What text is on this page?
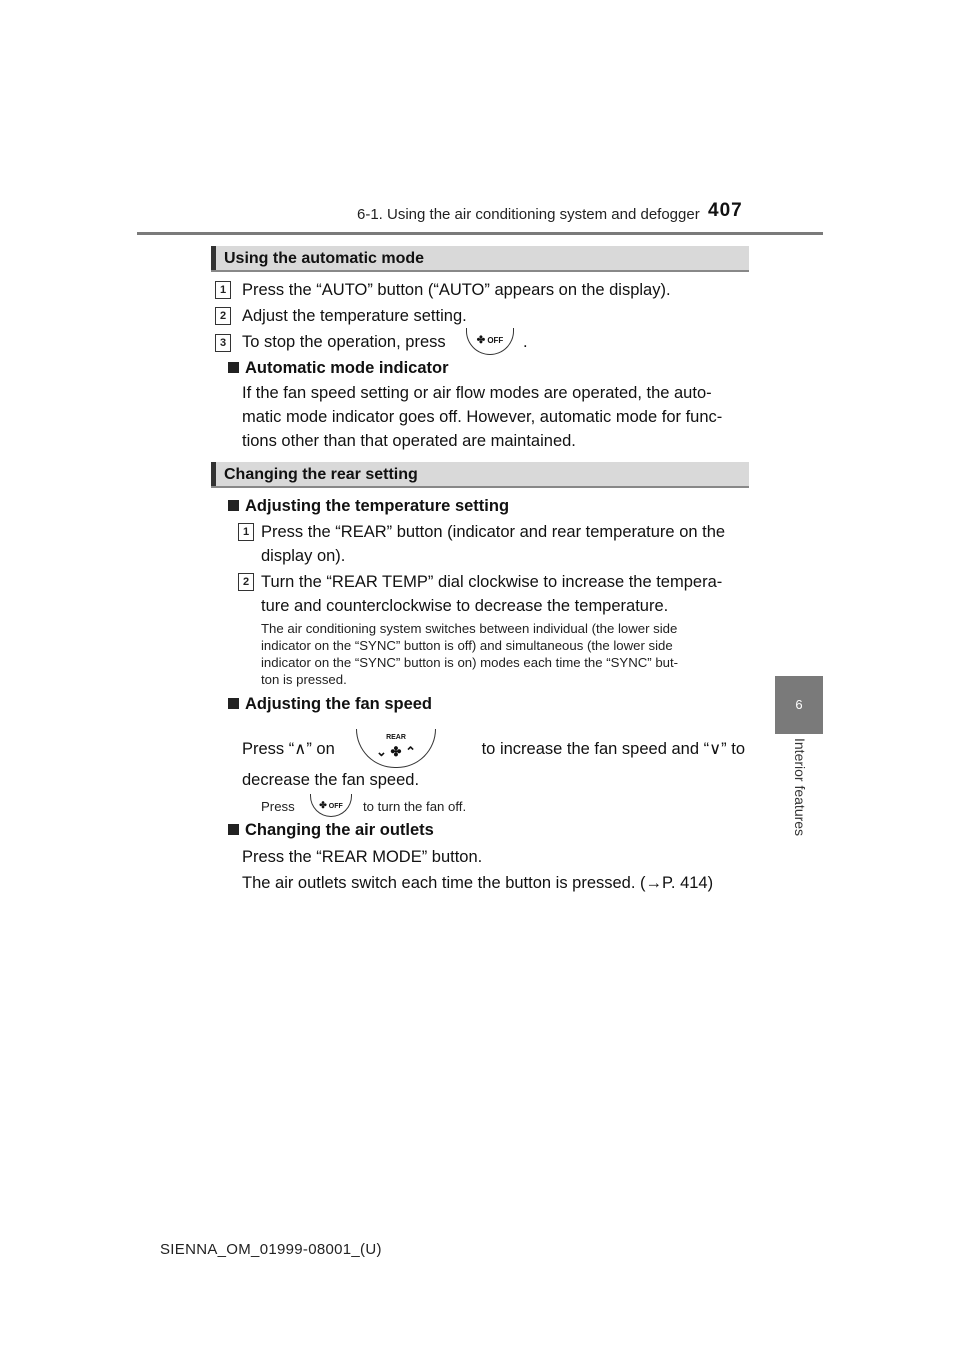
6-1. Using the air conditioning system and defogger 407
6
Interior features
Using the automatic mode
1 Press the “AUTO” button (“AUTO” appears on the display).
2 Adjust the temperature setting.
3 To stop the operation, press	✤ OFF	.
Automatic mode indicator
If the fan speed setting or air flow modes are operated, the auto-
matic mode indicator goes off. However, automatic mode for func-
tions other than that operated are maintained.
Changing the rear setting
Adjusting the temperature setting
1 Press the “REAR” button (indicator and rear temperature on the
display on).
2 Turn the “REAR TEMP” dial clockwise to increase the tempera-
ture and counterclockwise to decrease the temperature.
The air conditioning system switches between individual (the lower side
indicator on the “SYNC” button is off) and simultaneous (the lower side
indicator on the “SYNC” button is on) modes each time the “SYNC” but-
ton is pressed.
Adjusting the fan speed
Press “∧” on
REAR
⌄ ✤ ⌃	to increase the fan speed and “∨” to
decrease the fan speed.
Press	✤ OFF	to turn the fan off.
Changing the air outlets
Press the “REAR MODE” button.
The air outlets switch each time the button is pressed. (→P. 414)
SIENNA_OM_01999-08001_(U)
